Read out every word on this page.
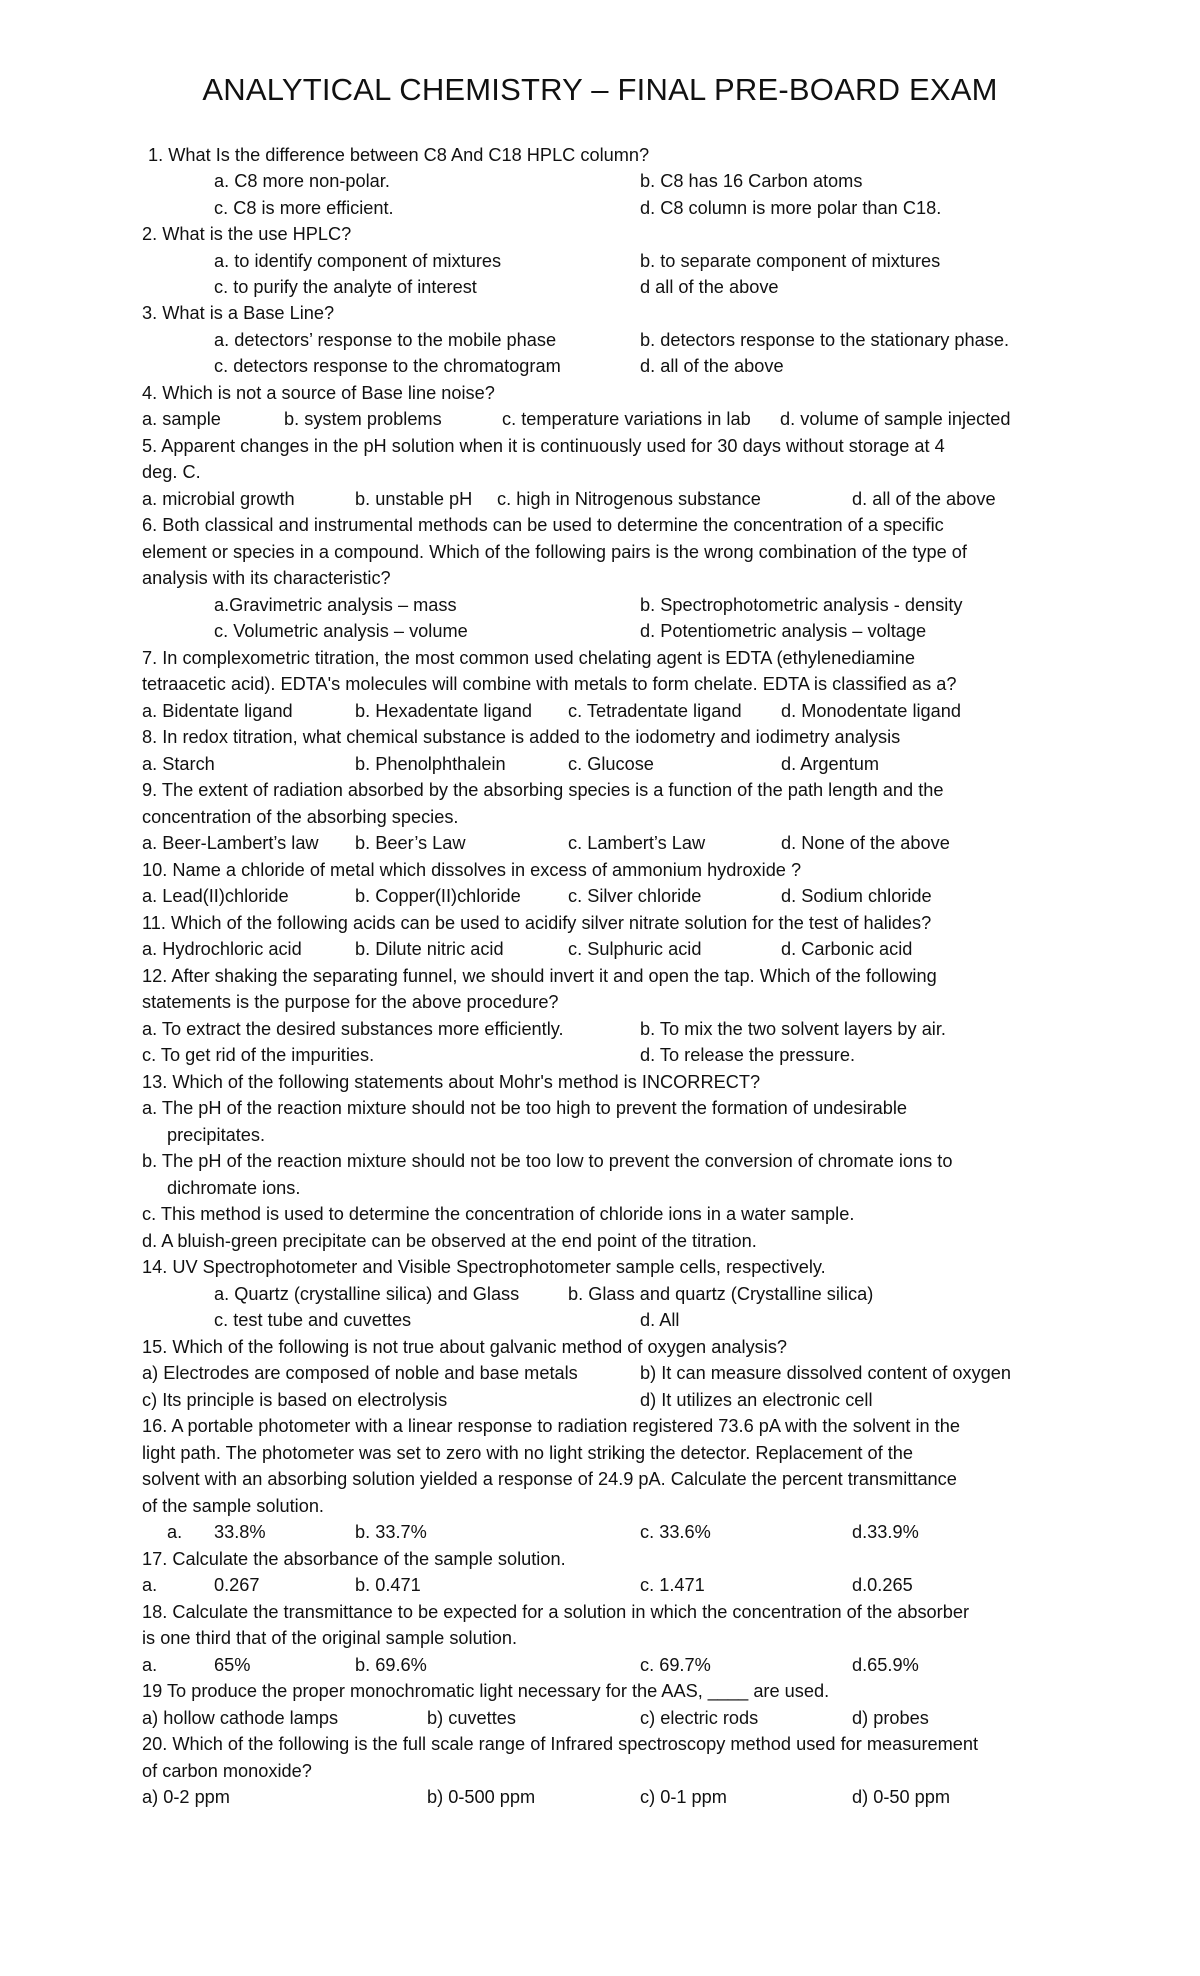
ANALYTICAL CHEMISTRY – FINAL PRE-BOARD EXAM
1. What Is the difference between C8 And C18 HPLC column?
a. C8 more non-polar.	b. C8 has 16 Carbon atoms
c. C8 is more efficient.	d. C8 column is more polar than C18.
2. What is the use HPLC?
a. to identify component of mixtures	b. to separate component of mixtures
c. to purify the analyte of interest	d all of the above
3. What is a Base Line?
a. detectors’ response to the mobile phase	b. detectors response to the stationary phase.
c. detectors response to the chromatogram	d. all of the above
4. Which is not a source of Base line noise?
a. sample	b. system problems	c. temperature variations in lab d. volume of sample injected
5. Apparent changes in the pH solution when it is continuously used for 30 days without storage at 4
deg. C.
a. microbial growth	b. unstable pH c. high in Nitrogenous substance	d. all of the above
6. Both classical and instrumental methods can be used to determine the concentration of a specific
element or species in a compound. Which of the following pairs is the wrong combination of the type of
analysis with its characteristic?
a.Gravimetric analysis – mass	b. Spectrophotometric analysis - density
c. Volumetric analysis – volume	d. Potentiometric analysis – voltage
7. In complexometric titration, the most common used chelating agent is EDTA (ethylenediamine
tetraacetic acid). EDTA's molecules will combine with metals to form chelate. EDTA is classified as a?
a. Bidentate ligand	b. Hexadentate ligand c. Tetradentate ligand d. Monodentate ligand
8. In redox titration, what chemical substance is added to the iodometry and iodimetry analysis
a. Starch	b. Phenolphthalein	c. Glucose	d. Argentum
9. The extent of radiation absorbed by the absorbing species is a function of the path length and the
concentration of the absorbing species.
a. Beer-Lambert’s law b. Beer’s Law	c. Lambert’s Law	d. None of the above
10. Name a chloride of metal which dissolves in excess of ammonium hydroxide ?
a. Lead(II)chloride	b. Copper(II)chloride	c. Silver chloride	d. Sodium chloride
11. Which of the following acids can be used to acidify silver nitrate solution for the test of halides?
a. Hydrochloric acid	b. Dilute nitric acid	c. Sulphuric acid	d. Carbonic acid
12. After shaking the separating funnel, we should invert it and open the tap. Which of the following
statements is the purpose for the above procedure?
a. To extract the desired substances more efficiently.	b. To mix the two solvent layers by air.
c. To get rid of the impurities.	d. To release the pressure.
13. Which of the following statements about Mohr's method is INCORRECT?
a. The pH of the reaction mixture should not be too high to prevent the formation of undesirable
precipitates.
b. The pH of the reaction mixture should not be too low to prevent the conversion of chromate ions to
dichromate ions.
c. This method is used to determine the concentration of chloride ions in a water sample.
d. A bluish-green precipitate can be observed at the end point of the titration.
14. UV Spectrophotometer and Visible Spectrophotometer sample cells, respectively.
a. Quartz (crystalline silica) and Glass	b. Glass and quartz (Crystalline silica)
c. test tube and cuvettes	d. All
15. Which of the following is not true about galvanic method of oxygen analysis?
a) Electrodes are composed of noble and base metals	b) It can measure dissolved content of oxygen
c) Its principle is based on electrolysis	d) It utilizes an electronic cell
16. A portable photometer with a linear response to radiation registered 73.6 pA with the solvent in the
light path. The photometer was set to zero with no light striking the detector. Replacement of the
solvent with an absorbing solution yielded a response of 24.9 pA. Calculate the percent transmittance
of the sample solution.
a. 33.8%	b. 33.7%	c. 33.6%	d.33.9%
17. Calculate the absorbance of the sample solution.
a.	0.267	b. 0.471	c. 1.471	d.0.265
18. Calculate the transmittance to be expected for a solution in which the concentration of the absorber
is one third that of the original sample solution.
a.	65%	b. 69.6%	c. 69.7%	d.65.9%
19 To produce the proper monochromatic light necessary for the AAS, ____ are used.
a) hollow cathode lamps	b) cuvettes	c) electric rods	d) probes
20. Which of the following is the full scale range of Infrared spectroscopy method used for measurement
of carbon monoxide?
a) 0-2 ppm	b) 0-500 ppm	c) 0-1 ppm	d) 0-50 ppm
